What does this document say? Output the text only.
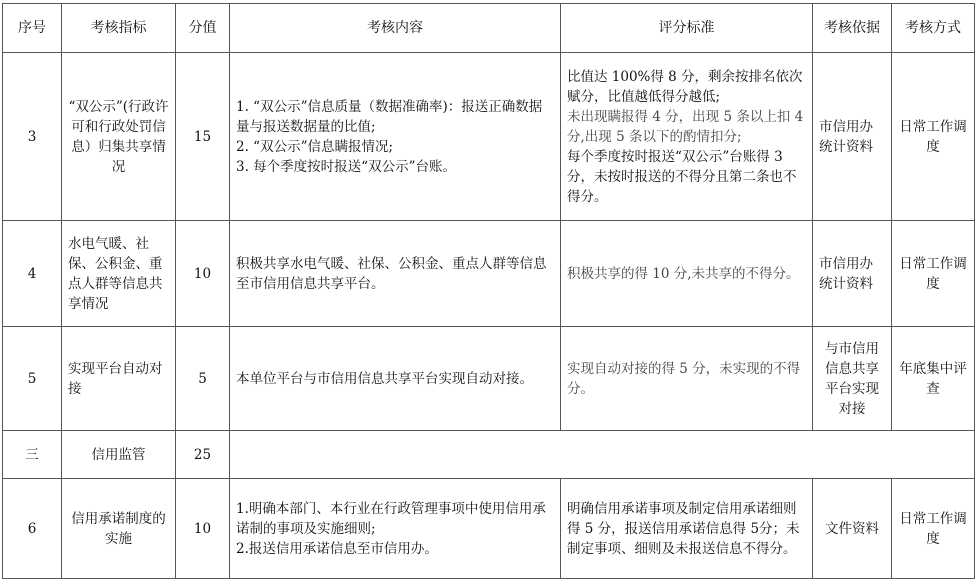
序号	考核指标	分值	考核内容	评分标准	考核依据	考核方式
3	“双公示”(行政许可和行政处罚信息）归集共享情况	15	1. “双公示”信息质量（数据准确率)：报送正确数据量与报送数据量的比值;
2. “双公示”信息瞒报情况;
3. 每个季度按时报送“双公示”台账。	比值达 100%得 8 分，剩余按排名依次赋分，比值越低得分越低;
未出现瞒报得 4 分，出现 5 条以上扣 4 分,出现 5 条以下的酌情扣分;
每个季度按时报送“双公示”台账得 3 分，未按时报送的不得分且第二条也不得分。	市信用办统计资料	日常工作调度
4	水电气暖、社保、公积金、重点人群等信息共享情况	10	积极共享水电气暖、社保、公积金、重点人群等信息至市信用信息共享平台。	积极共享的得 10 分,未共享的不得分。	市信用办统计资料	日常工作调度
5	实现平台自动对接	5	本单位平台与市信用信息共享平台实现自动对接。	实现自动对接的得 5 分，未实现的不得分。	与市信用信息共享平台实现对接	年底集中评查
三	信用监管	25				
6	信用承诺制度的实施	10	1.明确本部门、本行业在行政管理事项中使用信用承诺制的事项及实施细则;
2.报送信用承诺信息至市信用办。	明确信用承诺事项及制定信用承诺细则得 5 分，报送信用承诺信息得 5分；未制定事项、细则及未报送信息不得分。	文件资料	日常工作调度
